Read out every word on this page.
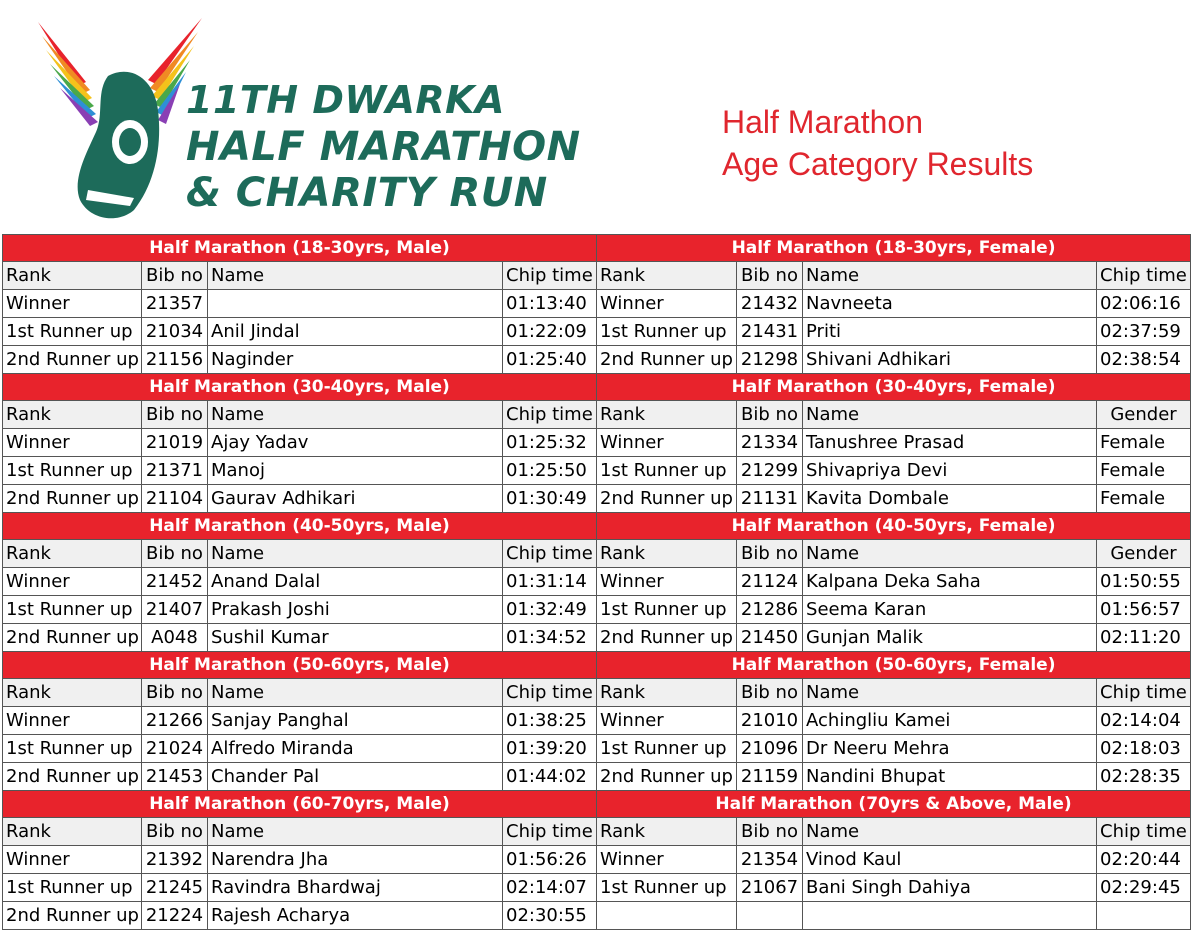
11TH DWARKA
HALF MARATHON
& CHARITY RUN
Half Marathon
Age Category Results
Half Marathon (18-30yrs, Male)				Half Marathon (18-30yrs, Female)			
Rank	Bib no	Name	Chip time	Rank	Bib no	Name	Chip time
Winner	21357		01:13:40	Winner	21432	Navneeta	02:06:16
1st Runner up	21034	Anil Jindal	01:22:09	1st Runner up	21431	Priti	02:37:59
2nd Runner up	21156	Naginder	01:25:40	2nd Runner up	21298	Shivani Adhikari	02:38:54
Half Marathon (30-40yrs, Male)				Half Marathon (30-40yrs, Female)			
Rank	Bib no	Name	Chip time	Rank	Bib no	Name	Gender
Winner	21019	Ajay Yadav	01:25:32	Winner	21334	Tanushree Prasad	Female
1st Runner up	21371	Manoj	01:25:50	1st Runner up	21299	Shivapriya Devi	Female
2nd Runner up	21104	Gaurav Adhikari	01:30:49	2nd Runner up	21131	Kavita Dombale	Female
Half Marathon (40-50yrs, Male)				Half Marathon (40-50yrs, Female)			
Rank	Bib no	Name	Chip time	Rank	Bib no	Name	Gender
Winner	21452	Anand Dalal	01:31:14	Winner	21124	Kalpana Deka Saha	01:50:55
1st Runner up	21407	Prakash Joshi	01:32:49	1st Runner up	21286	Seema Karan	01:56:57
2nd Runner up	A048	Sushil Kumar	01:34:52	2nd Runner up	21450	Gunjan Malik	02:11:20
Half Marathon (50-60yrs, Male)				Half Marathon (50-60yrs, Female)			
Rank	Bib no	Name	Chip time	Rank	Bib no	Name	Chip time
Winner	21266	Sanjay Panghal	01:38:25	Winner	21010	Achingliu Kamei	02:14:04
1st Runner up	21024	Alfredo Miranda	01:39:20	1st Runner up	21096	Dr Neeru Mehra	02:18:03
2nd Runner up	21453	Chander Pal	01:44:02	2nd Runner up	21159	Nandini Bhupat	02:28:35
Half Marathon (60-70yrs, Male)				Half Marathon (70yrs & Above, Male)			
Rank	Bib no	Name	Chip time	Rank	Bib no	Name	Chip time
Winner	21392	Narendra Jha	01:56:26	Winner	21354	Vinod Kaul	02:20:44
1st Runner up	21245	Ravindra Bhardwaj	02:14:07	1st Runner up	21067	Bani Singh Dahiya	02:29:45
2nd Runner up	21224	Rajesh Acharya	02:30:55				
